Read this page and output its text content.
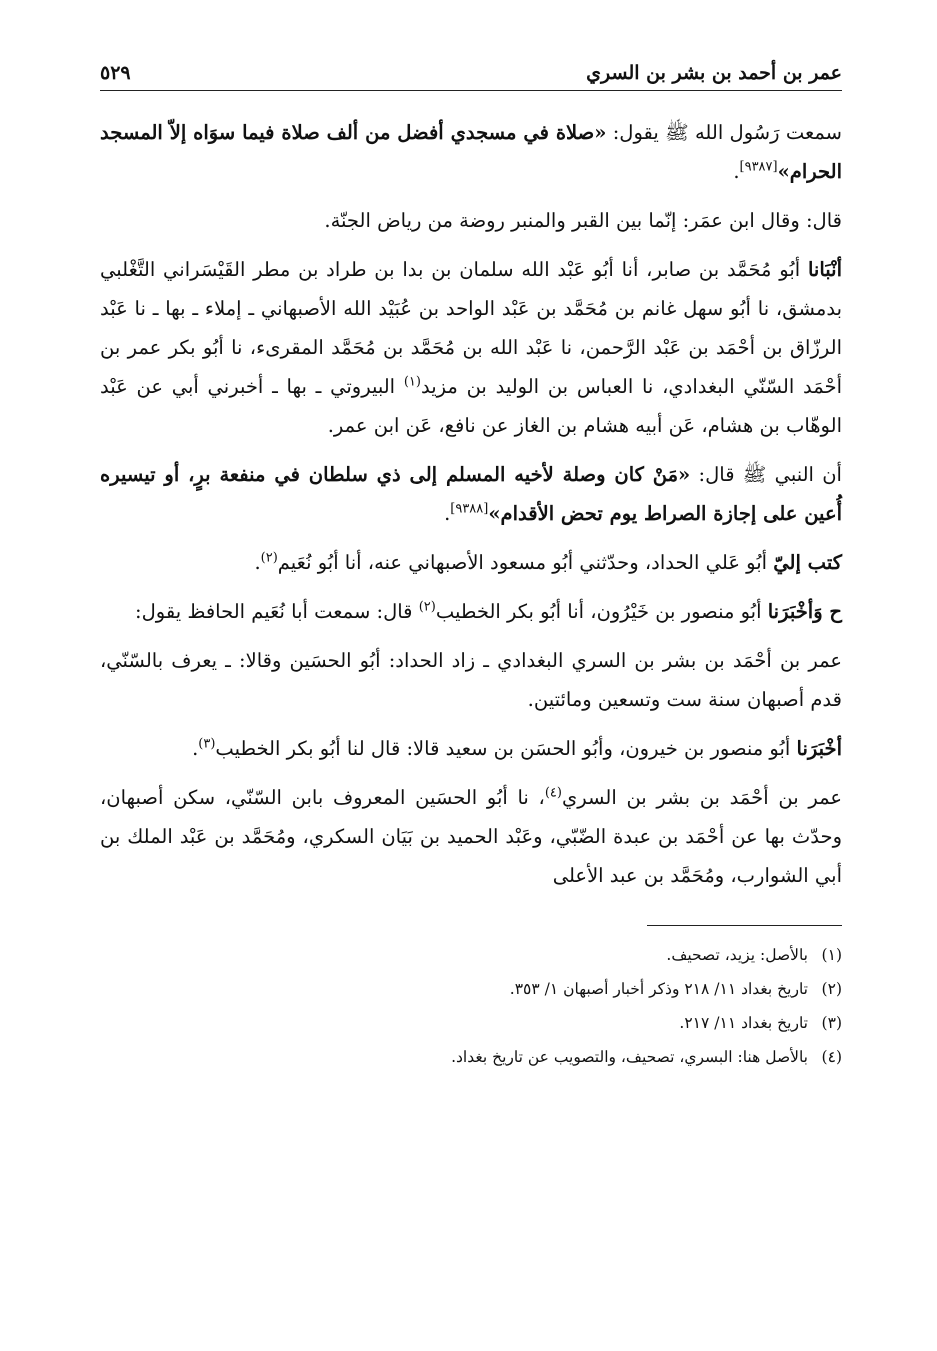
عمر بن أحمد بن بشر بن السري
٥٢٩

سمعت رَسُول الله ﷺ يقول: «صلاة في مسجدي أفضل من ألف صلاة فيما سوَاه إلاّ المسجد الحرام»[٩٣٨٧].

قال: وقال ابن عمَر: إنّما بين القبر والمنبر روضة من رياض الجنّة.

أنْبَانا أبُو مُحَمَّد بن صابر، أنا أبُو عَبْد الله سلمان بن بدا بن طراد بن مطر القَيْسَراني التَّغْلبي بدمشق، نا أبُو سهل غانم بن مُحَمَّد بن عَبْد الواحد بن عُبَيْد الله الأصبهاني ـ إملاء ـ بها ـ نا عَبْد الرزّاق بن أحْمَد بن عَبْد الرَّحمن، نا عَبْد الله بن مُحَمَّد بن مُحَمَّد المقرىء، نا أبُو بكر عمر بن أحْمَد السّنّي البغدادي، نا العباس بن الوليد بن مزيد$^{(١)}$ البيروتي ـ بها ـ أخبرني أبي عن عَبْد الوهّاب بن هشام، عَن أبيه هشام بن الغاز عن نافع، عَن ابن عمر.

أن النبي ﷺ قال: «مَنْ كان وصلة لأخيه المسلم إلى ذي سلطان في منفعة برٍ، أو تيسيره أُعين على إجازة الصراط يوم تحض الأقدام»[٩٣٨٨].

كتب إليّ أبُو عَلي الحداد، وحدّثني أبُو مسعود الأصبهاني عنه، أنا أبُو نُعَيم$^{(٢)}$.

ح وَأخْبَرَنا أبُو منصور بن خَيْرُون، أنا أبُو بكر الخطيب$^{(٢)}$ قال: سمعت أبا نُعَيم الحافظ يقول:

عمر بن أحْمَد بن بشر بن السري البغدادي ـ زاد الحداد: أبُو الحسَين وقالا: ـ يعرف بالسّنّي، قدم أصبهان سنة ست وتسعين ومائتين.

أخْبَرَنا أبُو منصور بن خيرون، وأبُو الحسَن بن سعيد قالا: قال لنا أبُو بكر الخطيب$^{(٣)}$.

عمر بن أحْمَد بن بشر بن السري$^{(٤)}$، نا أبُو الحسَين المعروف بابن السّنّي، سكن أصبهان، وحدّث بها عن أحْمَد بن عبدة الضّبّي، وعَبْد الحميد بن بَيَان السكري، ومُحَمَّد بن عَبْد الملك بن أبي الشوارب، ومُحَمَّد بن عبد الأعلى

(١)بالأصل: يزيد، تصحيف.

(٢)تاريخ بغداد ١١/ ٢١٨ وذكر أخبار أصبهان ١/ ٣٥٣.

(٣)تاريخ بغداد ١١/ ٢١٧.

(٤)بالأصل هنا: البسري، تصحيف، والتصويب عن تاريخ بغداد.
